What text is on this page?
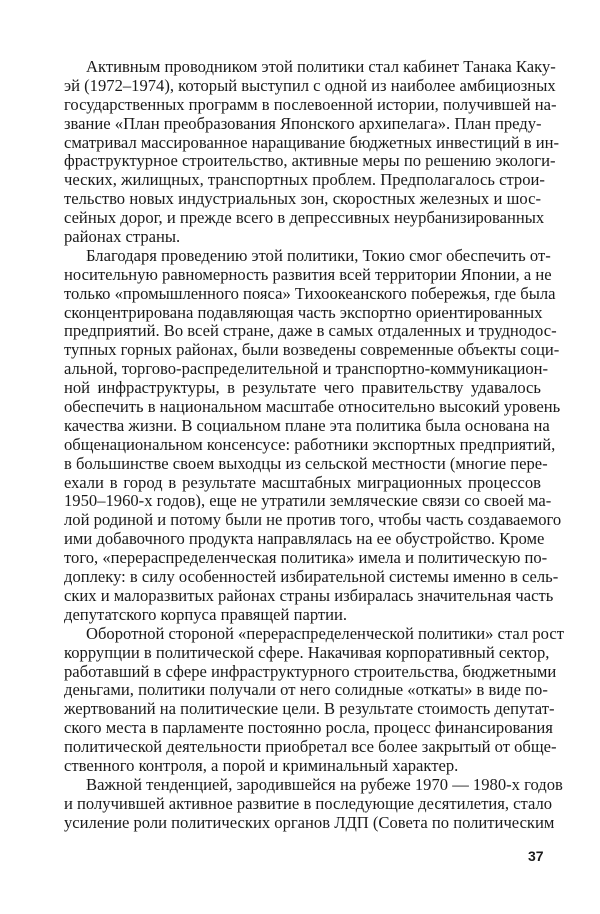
Активным проводником этой политики стал кабинет Танака Каку-
эй (1972–1974), который выступил с одной из наиболее амбициозных
государственных программ в послевоенной истории, получившей на-
звание «План преобразования Японского архипелага». План преду-
сматривал массированное наращивание бюджетных инвестиций в ин-
фраструктурное строительство, активные меры по решению экологи-
ческих, жилищных, транспортных проблем. Предполагалось строи-
тельство новых индустриальных зон, скоростных железных и шос-
сейных дорог, и прежде всего в депрессивных неурбанизированных
районах страны.
Благодаря проведению этой политики, Токио смог обеспечить от-
носительную равномерность развития всей территории Японии, а не
только «промышленного пояса» Тихоокеанского побережья, где была
сконцентрирована подавляющая часть экспортно ориентированных
предприятий. Во всей стране, даже в самых отдаленных и труднодос-
тупных горных районах, были возведены современные объекты соци-
альной, торгово-распределительной и транспортно-коммуникацион-
ной инфраструктуры, в результате чего правительству удавалось
обеспечить в национальном масштабе относительно высокий уровень
качества жизни. В социальном плане эта политика была основана на
общенациональном консенсусе: работники экспортных предприятий,
в большинстве своем выходцы из сельской местности (многие пере-
ехали в город в результате масштабных миграционных процессов
1950–1960-х годов), еще не утратили земляческие связи со своей ма-
лой родиной и потому были не против того, чтобы часть создаваемого
ими добавочного продукта направлялась на ее обустройство. Кроме
того, «перераспределенческая политика» имела и политическую по-
доплеку: в силу особенностей избирательной системы именно в сель-
ских и малоразвитых районах страны избиралась значительная часть
депутатского корпуса правящей партии.
Оборотной стороной «перераспределенческой политики» стал рост
коррупции в политической сфере. Накачивая корпоративный сектор,
работавший в сфере инфраструктурного строительства, бюджетными
деньгами, политики получали от него солидные «откаты» в виде по-
жертвований на политические цели. В результате стоимость депутат-
ского места в парламенте постоянно росла, процесс финансирования
политической деятельности приобретал все более закрытый от обще-
ственного контроля, а порой и криминальный характер.
Важной тенденцией, зародившейся на рубеже 1970 — 1980-х годов
и получившей активное развитие в последующие десятилетия, стало
усиление роли политических органов ЛДП (Совета по политическим
37
